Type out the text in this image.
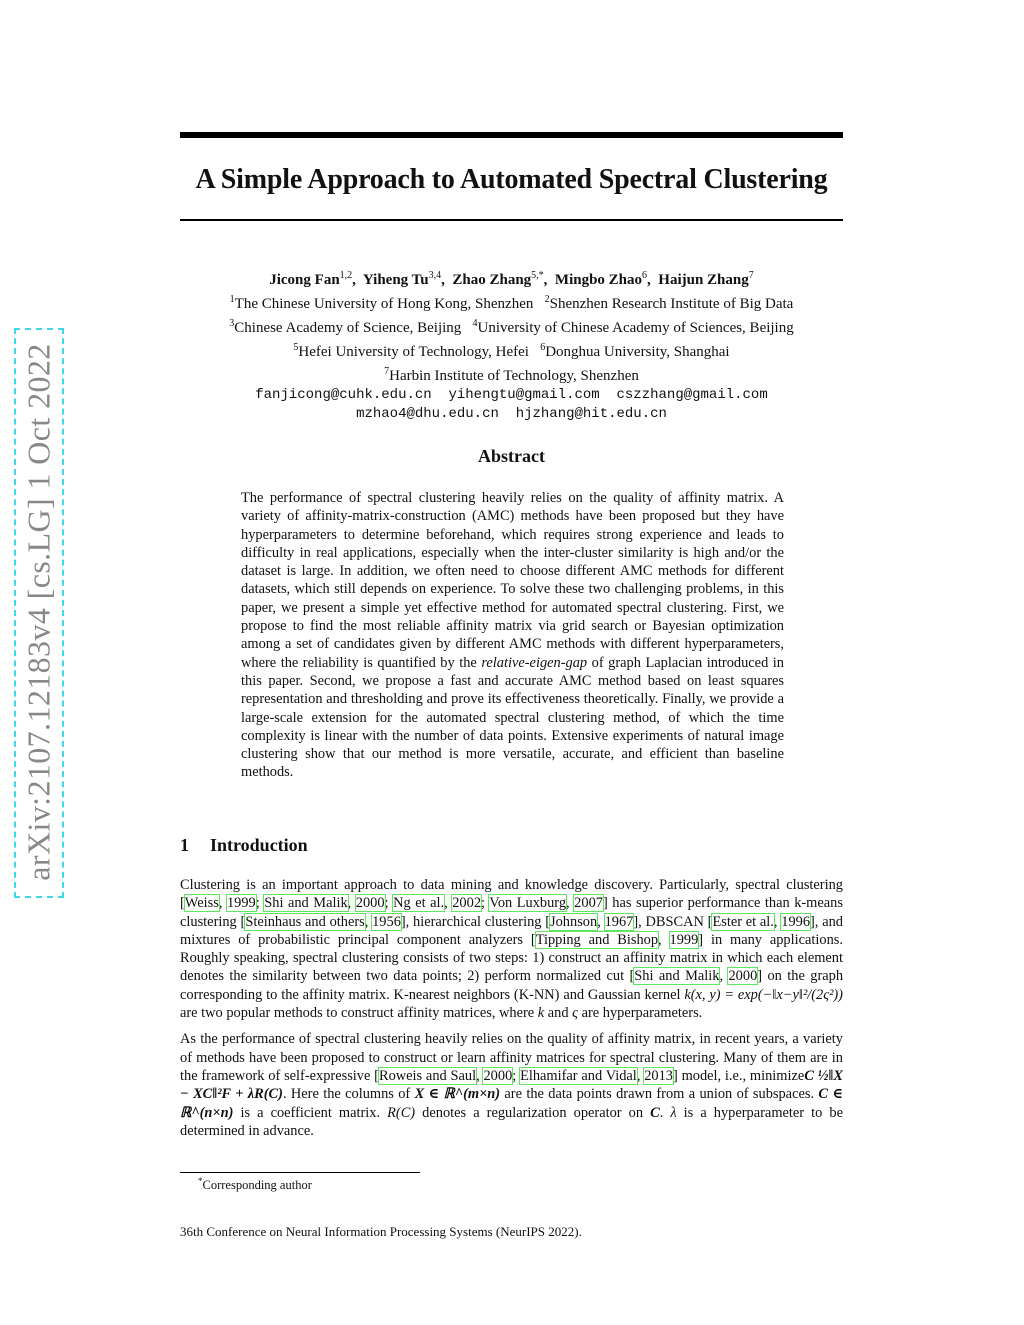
arXiv:2107.12183v4 [cs.LG] 1 Oct 2022
A Simple Approach to Automated Spectral Clustering
Jicong Fan$^{1,2}$,  Yiheng Tu$^{3,4}$,  Zhao Zhang$^{5,*}$,  Mingbo Zhao$^6$,  Haijun Zhang$^7$
$^1$The Chinese University of Hong Kong, Shenzhen $^2$Shenzhen Research Institute of Big Data
$^3$Chinese Academy of Science, Beijing $^4$University of Chinese Academy of Sciences, Beijing
$^5$Hefei University of Technology, Hefei $^6$Donghua University, Shanghai
$^7$Harbin Institute of Technology, Shenzhen
fanjicong@cuhk.edu.cn  yihengtu@gmail.com  cszzhang@gmail.com
mzhao4@dhu.edu.cn  hjzhang@hit.edu.cn
Abstract
The performance of spectral clustering heavily relies on the quality of affinity matrix. A variety of affinity-matrix-construction (AMC) methods have been proposed but they have hyperparameters to determine beforehand, which requires strong experience and leads to difficulty in real applications, especially when the inter-cluster similarity is high and/or the dataset is large. In addition, we often need to choose different AMC methods for different datasets, which still depends on experience. To solve these two challenging problems, in this paper, we present a simple yet effective method for automated spectral clustering. First, we propose to find the most reliable affinity matrix via grid search or Bayesian optimization among a set of candidates given by different AMC methods with different hyperparameters, where the reliability is quantified by the relative-eigen-gap of graph Laplacian introduced in this paper. Second, we propose a fast and accurate AMC method based on least squares representation and thresholding and prove its effectiveness theoretically. Finally, we provide a large-scale extension for the automated spectral clustering method, of which the time complexity is linear with the number of data points. Extensive experiments of natural image clustering show that our method is more versatile, accurate, and efficient than baseline methods.
1 Introduction

Clustering is an important approach to data mining and knowledge discovery. Particularly, spectral clustering [Weiss, 1999; Shi and Malik, 2000; Ng et al., 2002; Von Luxburg, 2007] has superior performance than k-means clustering [Steinhaus and others, 1956], hierarchical clustering [Johnson, 1967], DBSCAN [Ester et al., 1996], and mixtures of probabilistic principal component analyzers [Tipping and Bishop, 1999] in many applications. Roughly speaking, spectral clustering consists of two steps: 1) construct an affinity matrix in which each element denotes the similarity between two data points; 2) perform normalized cut [Shi and Malik, 2000] on the graph corresponding to the affinity matrix. K-nearest neighbors (K-NN) and Gaussian kernel k(x, y) = exp(−‖x−y‖²/(2ς²)) are two popular methods to construct affinity matrices, where k and ς are hyperparameters.

As the performance of spectral clustering heavily relies on the quality of affinity matrix, in recent years, a variety of methods have been proposed to construct or learn affinity matrices for spectral clustering. Many of them are in the framework of self-expressive [Roweis and Saul, 2000; Elhamifar and Vidal, 2013] model, i.e., minimizeC ½‖X − XC‖²F + λR(C). Here the columns of X ∈ ℝ^(m×n) are the data points drawn from a union of subspaces. C ∈ ℝ^(n×n) is a coefficient matrix. R(C) denotes a regularization operator on C. λ is a hyperparameter to be determined in advance.

*Corresponding author
36th Conference on Neural Information Processing Systems (NeurIPS 2022).
